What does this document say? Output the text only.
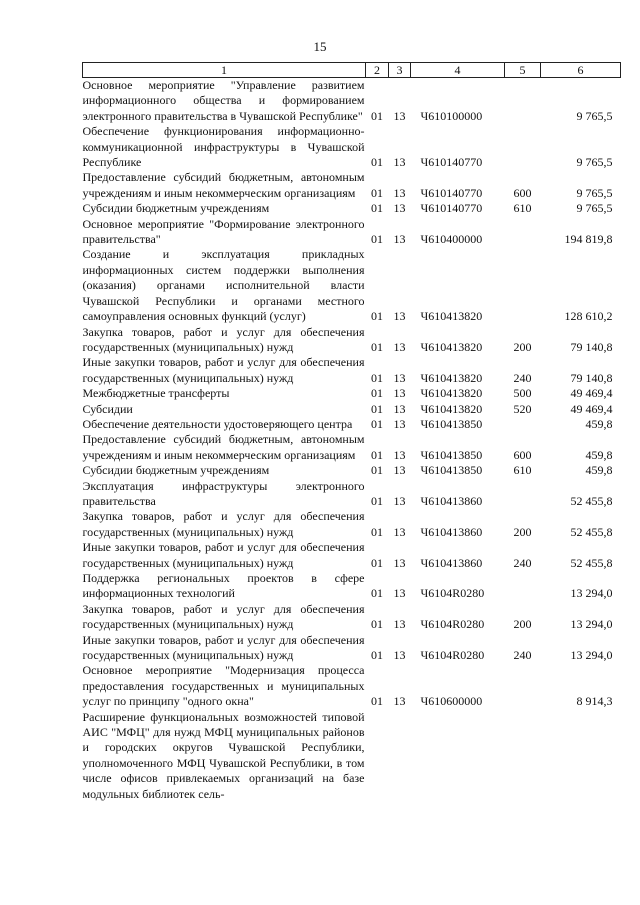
15
1	2	3	4	5	6
Основное мероприятие "Управление развитием информационного общества и формированием электронного правительства в Чувашской Республике"	01	13	Ч610100000		9 765,5
Обеспечение функционирования информационно-коммуникационной инфраструктуры в Чувашской Республике	01	13	Ч610140770		9 765,5
Предоставление субсидий бюджетным, автономным учреждениям и иным некоммерческим организациям	01	13	Ч610140770	600	9 765,5
Субсидии бюджетным учреждениям	01	13	Ч610140770	610	9 765,5
Основное мероприятие "Формирование электронного правительства"	01	13	Ч610400000		194 819,8
Создание и эксплуатация прикладных информационных систем поддержки выполнения (оказания) органами исполнительной власти Чувашской Республики и органами местного самоуправления основных функций (услуг)	01	13	Ч610413820		128 610,2
Закупка товаров, работ и услуг для обеспечения государственных (муниципальных) нужд	01	13	Ч610413820	200	79 140,8
Иные закупки товаров, работ и услуг для обеспечения государственных (муниципальных) нужд	01	13	Ч610413820	240	79 140,8
Межбюджетные трансферты	01	13	Ч610413820	500	49 469,4
Субсидии	01	13	Ч610413820	520	49 469,4
Обеспечение деятельности удостоверяющего центра	01	13	Ч610413850		459,8
Предоставление субсидий бюджетным, автономным учреждениям и иным некоммерческим организациям	01	13	Ч610413850	600	459,8
Субсидии бюджетным учреждениям	01	13	Ч610413850	610	459,8
Эксплуатация инфраструктуры электронного правительства	01	13	Ч610413860		52 455,8
Закупка товаров, работ и услуг для обеспечения государственных (муниципальных) нужд	01	13	Ч610413860	200	52 455,8
Иные закупки товаров, работ и услуг для обеспечения государственных (муниципальных) нужд	01	13	Ч610413860	240	52 455,8
Поддержка региональных проектов в сфере информационных технологий	01	13	Ч6104R0280		13 294,0
Закупка товаров, работ и услуг для обеспечения государственных (муниципальных) нужд	01	13	Ч6104R0280	200	13 294,0
Иные закупки товаров, работ и услуг для обеспечения государственных (муниципальных) нужд	01	13	Ч6104R0280	240	13 294,0
Основное мероприятие "Модернизация процесса предоставления государственных и муниципальных услуг по принципу "одного окна"	01	13	Ч610600000		8 914,3
Расширение функциональных возможностей типовой АИС "МФЦ" для нужд МФЦ муниципальных районов и городских округов Чувашской Республики, уполномоченного МФЦ Чувашской Республики, в том числе офисов привлекаемых организаций на базе модульных библиотек сель-					
